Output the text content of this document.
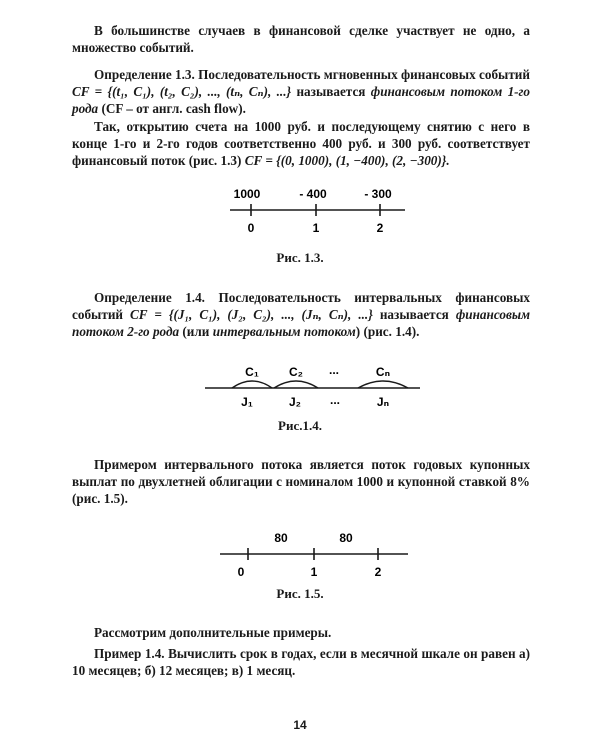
В большинстве случаев в финансовой сделке участвует не одно, а множество событий.

Определение 1.3. Последовательность мгновенных финансовых событий CF = {(t₁, C₁), (t₂, C₂), ..., (tₙ, Cₙ), ...} называется финансовым потоком 1-го рода (CF – от англ. cash flow).

Так, открытию счета на 1000 руб. и последующему снятию с него в конце 1-го и 2-го годов соответственно 400 руб. и 300 руб. соответствует финансовый поток (рис. 1.3) CF = {(0, 1000), (1, −400), (2, −300)}.

1000	- 400	- 300
0	1	2
Рис. 1.3.

Определение 1.4. Последовательность интервальных финансовых событий CF = {(J₁, C₁), (J₂, C₂), ..., (Jₙ, Cₙ), ...} называется финансовым потоком 2-го рода (или интервальным потоком) (рис. 1.4).

C₁	C₂ ...	Cₙ
J₁	J₂ ...	Jₙ
Рис.1.4.

Примером интервального потока является поток годовых купонных выплат по двухлетней облигации с номиналом 1000 и купонной ставкой 8% (рис. 1.5).

80	80
0	1	2
Рис. 1.5.

Рассмотрим дополнительные примеры.

Пример 1.4. Вычислить срок в годах, если в месячной шкале он равен а) 10 месяцев; б) 12 месяцев; в) 1 месяц.

14
